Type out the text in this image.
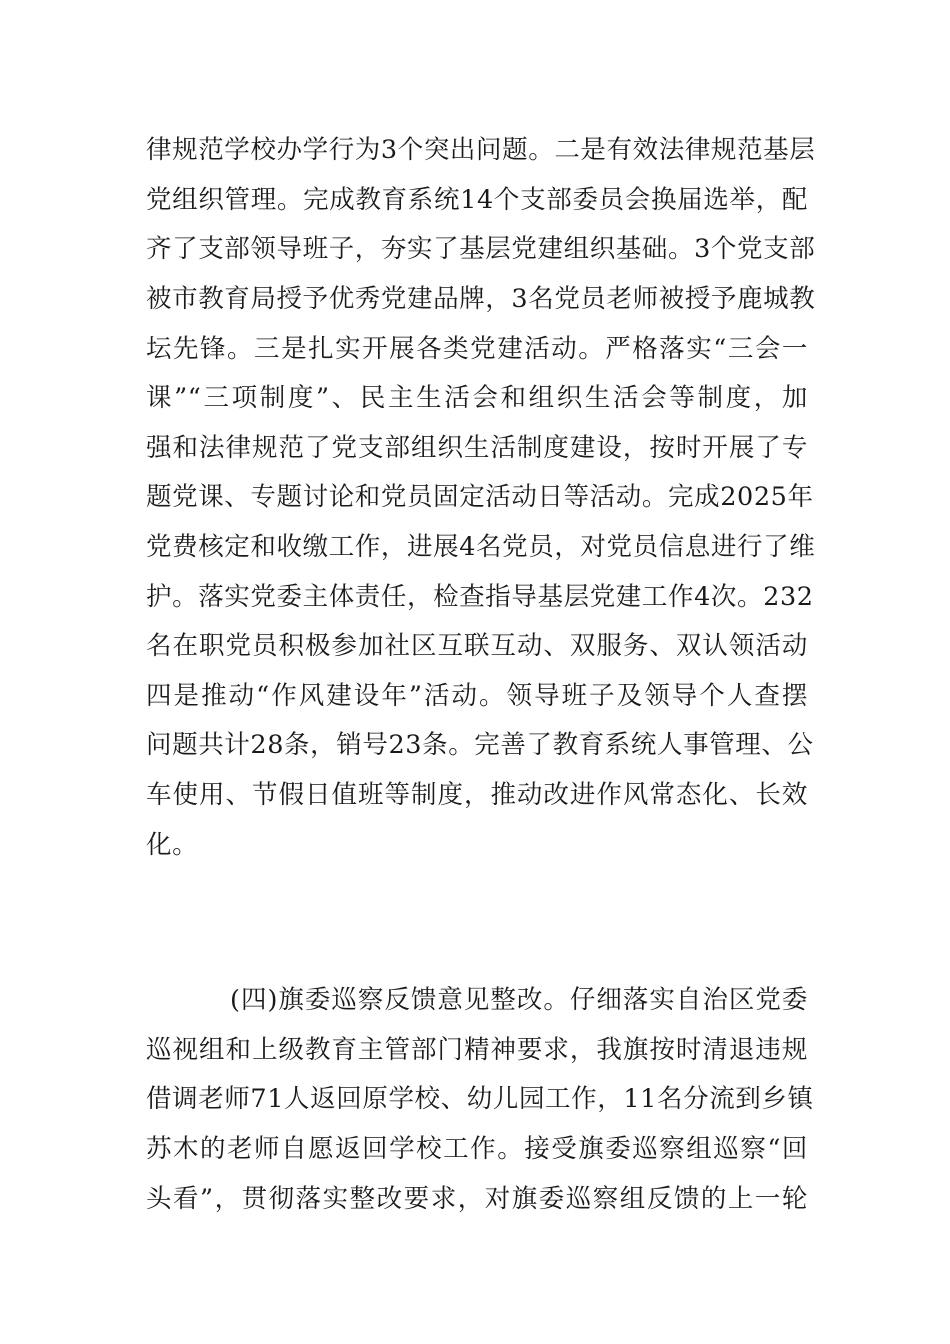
律规范学校办学行为3个突出问题。二是有效法律规范基层
党组织管理。完成教育系统14个支部委员会换届选举，配
齐了支部领导班子，夯实了基层党建组织基础。3个党支部
被市教育局授予优秀党建品牌，3名党员老师被授予鹿城教
坛先锋。三是扎实开展各类党建活动。严格落实“三会一
课”“三项制度”、民主生活会和组织生活会等制度，加
强和法律规范了党支部组织生活制度建设，按时开展了专
题党课、专题讨论和党员固定活动日等活动。完成2025年
党费核定和收缴工作，进展4名党员，对党员信息进行了维
护。落实党委主体责任，检查指导基层党建工作4次。232
名在职党员积极参加社区互联互动、双服务、双认领活动
四是推动“作风建设年”活动。领导班子及领导个人查摆
问题共计28条，销号23条。完善了教育系统人事管理、公
车使用、节假日值班等制度，推动改进作风常态化、长效
化。
(四)旗委巡察反馈意见整改。仔细落实自治区党委
巡视组和上级教育主管部门精神要求，我旗按时清退违规
借调老师71人返回原学校、幼儿园工作，11名分流到乡镇
苏木的老师自愿返回学校工作。接受旗委巡察组巡察“回
头看”，贯彻落实整改要求，对旗委巡察组反馈的上一轮
